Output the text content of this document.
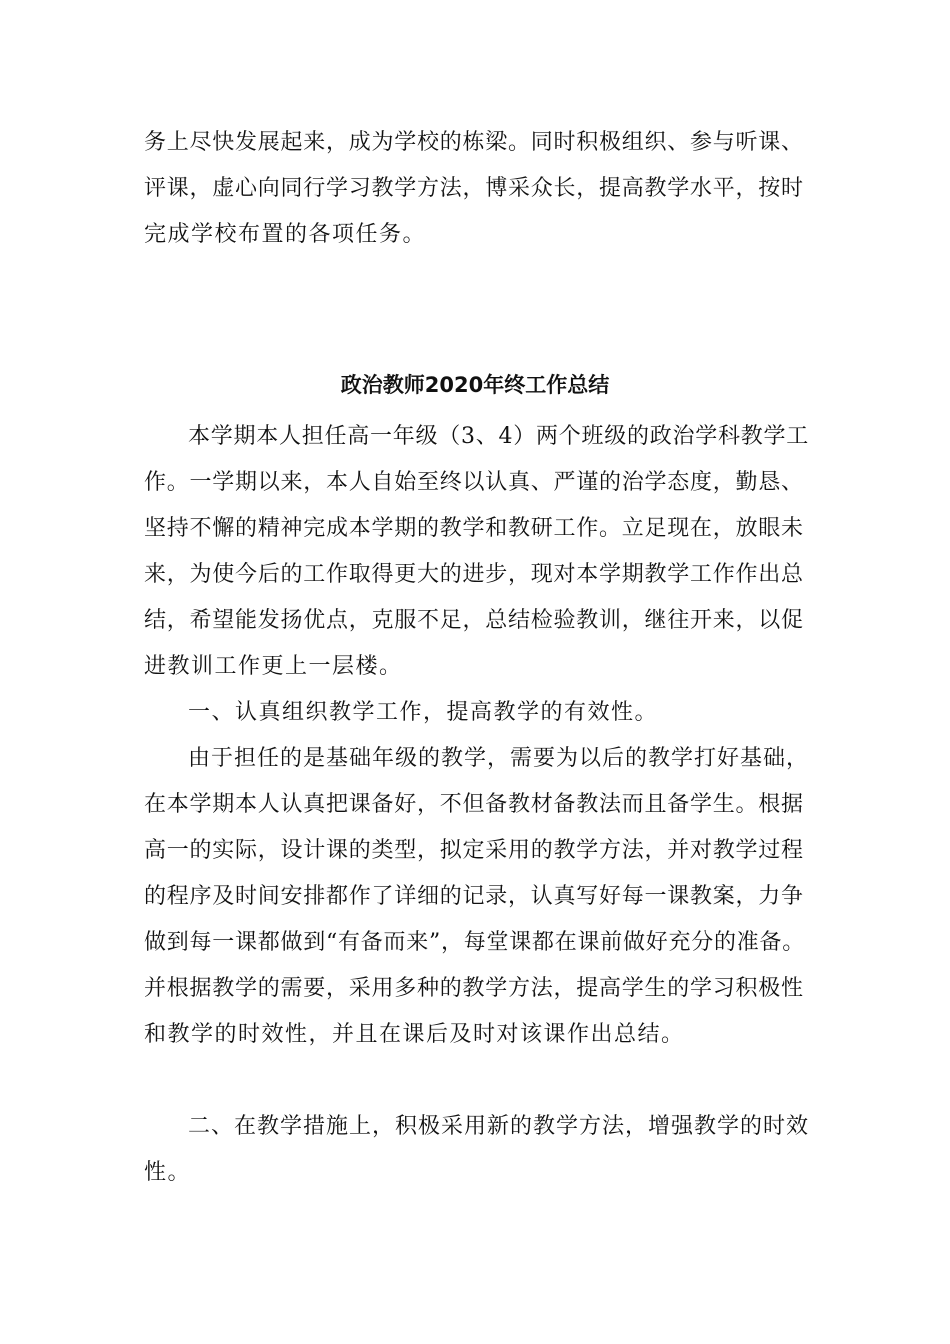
务上尽快发展起来，成为学校的栋梁。同时积极组织、参与听课、
评课，虚心向同行学习教学方法，博采众长，提高教学水平，按时
完成学校布置的各项任务。
政治教师2020年终工作总结
本学期本人担任高一年级（3、4）两个班级的政治学科教学工
作。一学期以来，本人自始至终以认真、严谨的治学态度，勤恳、
坚持不懈的精神完成本学期的教学和教研工作。立足现在，放眼未
来，为使今后的工作取得更大的进步，现对本学期教学工作作出总
结，希望能发扬优点，克服不足，总结检验教训，继往开来，以促
进教训工作更上一层楼。
一、认真组织教学工作，提高教学的有效性。
由于担任的是基础年级的教学，需要为以后的教学打好基础，
在本学期本人认真把课备好，不但备教材备教法而且备学生。根据
高一的实际，设计课的类型，拟定采用的教学方法，并对教学过程
的程序及时间安排都作了详细的记录，认真写好每一课教案，力争
做到每一课都做到“有备而来”，每堂课都在课前做好充分的准备。
并根据教学的需要，采用多种的教学方法，提高学生的学习积极性
和教学的时效性，并且在课后及时对该课作出总结。
二、在教学措施上，积极采用新的教学方法，增强教学的时效
性。
